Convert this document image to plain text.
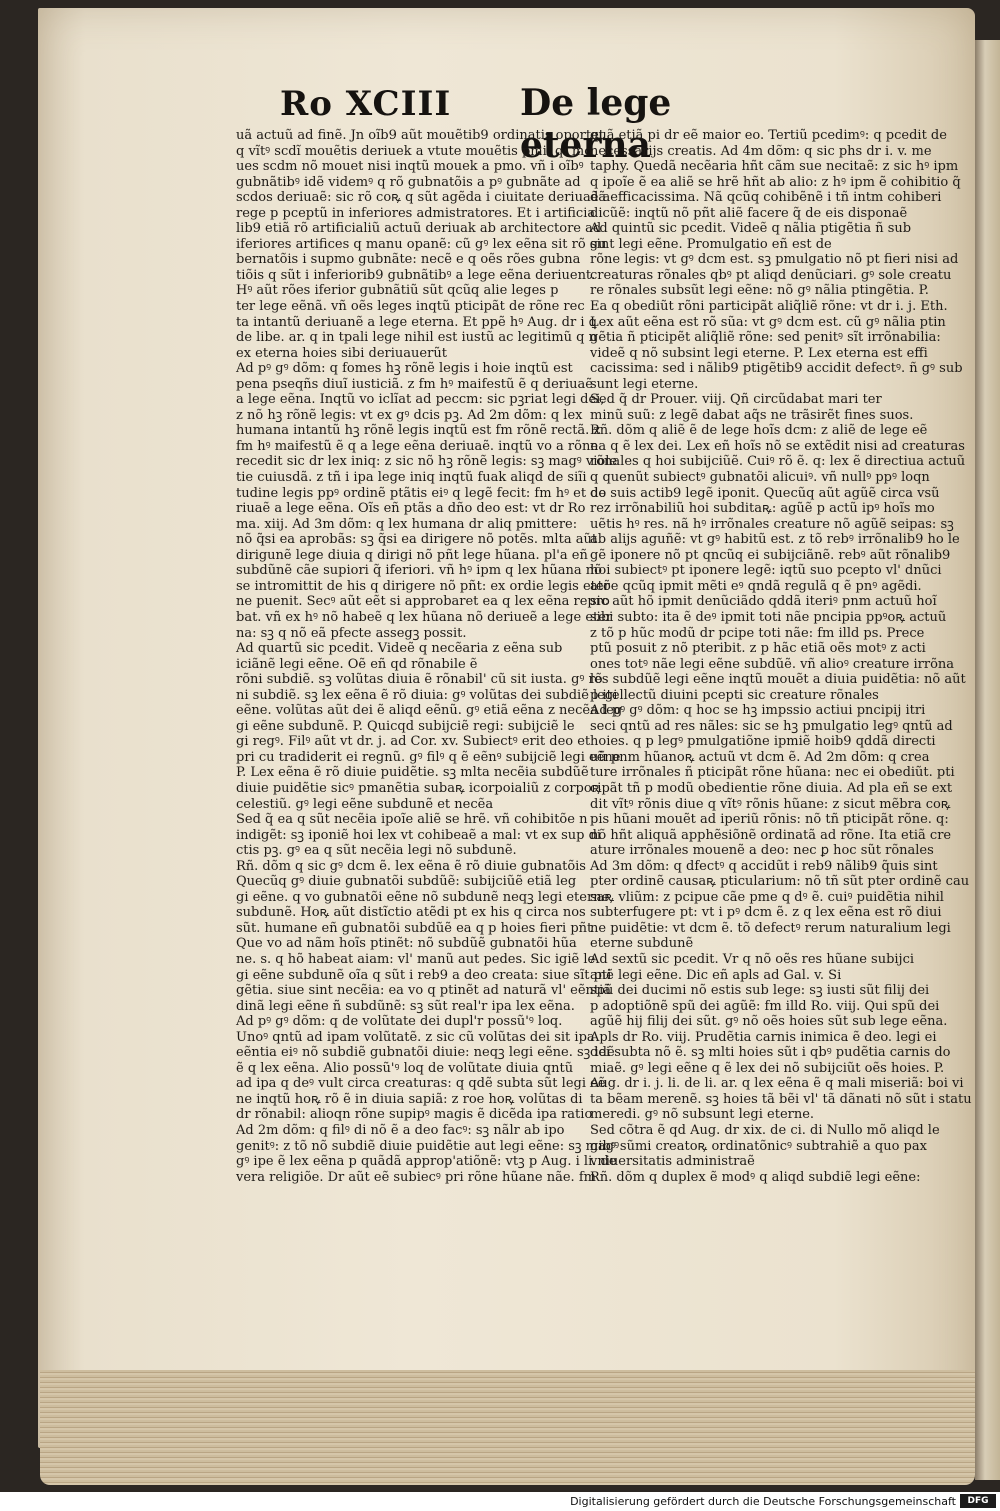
Ro XCIII De lege eterna
uã actuũ ad finẽ. Jn oĩb9 aũt mouẽtib9 ordinatis oportet
q vĩtꝰ scdĩ mouẽtis deriuek a vtute mouẽtis pmi. q: mo
ues scdm nõ mouet nisi inqtũ mouek a pmo. vñ i oĩbꝰ
gubnãtibꝰ idẽ videmꝰ q rõ gubnatõis a pꝰ gubnãte ad
scdos deriuaẽ: sic rõ coꝶ q sũt agẽda i ciuitate deriuaẽ a
rege p pceptũ in inferiores admistratores. Et i artificia
lib9 etiã rõ artificialiũ actuũ deriuak ab architectore ad
iferiores artifices q manu opanẽ: cũ gꝰ lex eẽna sit rõ gu
bernatõis i supmo gubnãte: necẽ e q oẽs rões gubna
tiõis q sũt i inferiorib9 gubnãtibꝰ a lege eẽna deriuent.
Hꝰ aũt rões iferior gubnãtiũ sũt qcũq alie leges p
ter lege eẽnã. vñ oẽs leges inqtũ pticipãt de rõne rec
ta intantũ deriuanẽ a lege eterna. Et ppẽ hꝰ Aug. dr i ꝗ
de libe. ar. q in tpali lege nihil est iustũ ac legitimũ q n
ex eterna hoies sibi deriuauerũt
Ad pꝰ gꝰ dõm: q fomes hꝫ rõnẽ legis i hoie inqtũ est
pena pseqñs diuĩ iusticiã. z fm hꝰ maifestũ ẽ q deriuaẽ
a lege eẽna. Inqtũ vo iclĩat ad peccm: sic pꝫriat legi dei,
z nõ hꝫ rõnẽ legis: vt ex gꝰ dcis pꝫ. Ad 2m dõm: q lex
humana intantũ hꝫ rõnẽ legis inqtũ est fm rõnẽ rectã. z
fm hꝰ maifestũ ẽ q a lege eẽna deriuaẽ. inqtũ vo a rõne
recedit sic dr lex iniq: z sic nõ hꝫ rõnẽ legis: sꝫ magꝰ viole
tie cuiusdã. z tñ i ipa lege iniq inqtũ fuak aliqd de siĩi
tudine legis ppꝰ ordinẽ ptãtis eiꝰ q legẽ fecit: fm hꝰ et de
riuaẽ a lege eẽna. Oĩs eñ ptãs a dño deo est: vt dr Ro
ma. xiij. Ad 3m dõm: q lex humana dr aliq pmittere:
nõ q̃si ea aprobãs: sꝫ q̃si ea dirigere nõ potẽs. mlta aũt
dirigunẽ lege diuia q dirigi nõ pñt lege hũana. pl'a eñ
subdũnẽ cãe supiori q̃ iferiori. vñ hꝰ ipm q lex hũana nõ
se intromittit de his q dirigere nõ pñt: ex ordie legis eter
ne puenit. Secꝰ aũt eẽt si approbaret ea q lex eẽna repro
bat. vñ ex hꝰ nõ habeẽ q lex hũana nõ deriueẽ a lege eter
na: sꝫ q nõ eã pfecte assegꝫ possit.
Ad quartũ sic pcedit. Videẽ q necẽaria z eẽna sub
iciãnẽ legi eẽne. Oẽ eñ qd rõnabile ẽ
rõni subdiẽ. sꝫ volũtas diuia ẽ rõnabil' cũ sit iusta. gꝰ rõ
ni subdiẽ. sꝫ lex eẽna ẽ rõ diuia: gꝰ volũtas dei subdiẽ legi
eẽne. volũtas aũt dei ẽ aliqd eẽnũ. gꝰ etiã eẽna z necẽa leg
gi eẽne subdunẽ. P. Quicqd subijciẽ regi: subijciẽ le
gi regꝰ. Filꝰ aũt vt dr. j. ad Cor. xv. Subiectꝰ erit deo et
pri cu tradiderit ei regnũ. gꝰ filꝰ q ẽ eẽnꝰ subijciẽ legi eẽne
P. Lex eẽna ẽ rõ diuie puidẽtie. sꝫ mlta necẽia subdũẽ
diuie puidẽtie sicꝰ pmanẽtia subaꝶ icorpoialiũ z corpoꝶ
celestiũ. gꝰ legi eẽne subdunẽ et necẽa
Sed q̃ ea q sũt necẽia ipoĩe aliẽ se hrẽ. vñ cohibitõe n
indigẽt: sꝫ iponiẽ hoi lex vt cohibeaẽ a mal: vt ex sup di
ctis pꝫ. gꝰ ea q sũt necẽia legi nõ subdunẽ.
Rñ. dõm q sic gꝰ dcm ẽ. lex eẽna ẽ rõ diuie gubnatõis
Quecũq gꝰ diuie gubnatõi subdũẽ: subijciũẽ etiã leg
gi eẽne. q vo gubnatõi eẽne nõ subdunẽ neqꝫ legi eterne
subdunẽ. Hoꝶ aũt distĩctio atẽdi pt ex his q circa nos
sũt. humane eñ gubnatõi subdũẽ ea q p hoies fieri pñt
Que vo ad nãm hoĩs ptinẽt: nõ subdũẽ gubnatõi hũa
ne. s. q hõ habeat aiam: vl' manũ aut pedes. Sic igiẽ le
gi eẽne subdunẽ oĩa q sũt i reb9 a deo creata: siue sĩt pti
gẽtia. siue sint necẽia: ea vo q ptinẽt ad naturã vl' eẽntiã
dinã legi eẽne ñ subdũnẽ: sꝫ sũt real'r ipa lex eẽna.
Ad pꝰ gꝰ dõm: q de volũtate dei dupl'r possũ'ꝰ loq.
Unoꝰ qntũ ad ipam volũtatẽ. z sic cũ volũtas dei sit ipa
eẽntia eiꝰ nõ subdiẽ gubnatõi diuie: neqꝫ legi eẽne. sꝫ idẽ
ẽ q lex eẽna. Alio possũ'ꝰ loq de volũtate diuia qntũ
ad ipa q deꝰ vult circa creaturas: q qdẽ subta sũt legi eẽ
ne inqtũ hoꝶ rõ ẽ in diuia sapiã: z roe hoꝶ volũtas di
dr rõnabil: alioqn rõne supipꝰ magis ẽ dicẽda ipa ratio
Ad 2m dõm: q filꝰ di nõ ẽ a deo facꝰ: sꝫ nãlr ab ipo
genitꝰ: z tõ nõ subdiẽ diuie puidẽtie aut legi eẽne: sꝫ magꝰ
gꝰ ipe ẽ lex eẽna p quãdã approp'atiõnẽ: vtꝫ p Aug. i li. de
vera religiõe. Dr aũt eẽ subiecꝰ pri rõne hũane nãe. fm
quã etiã pi dr eẽ maior eo. Tertiũ pcedimꝰ: q pcedit de
necessarijs creatis. Ad 4m dõm: q sic phs dr i. v. me
taphy. Quedã necẽaria hñt cãm sue necitaẽ: z sic hꝰ ipm
q ipoĩe ẽ ea aliẽ se hrẽ hñt ab alio: z hꝰ ipm ẽ cohibitio q̃
dã efficacissima. Nã qcũq cohibẽnẽ i tñ intm cohiberi
dicũẽ: inqtũ nõ pñt aliẽ facere q̃ de eis disponaẽ
Ad quintũ sic pcedit. Videẽ q nãlia ptigẽtia ñ sub
sint legi eẽne. Promulgatio eñ est de
rõne legis: vt gꝰ dcm est. sꝫ pmulgatio nõ pt fieri nisi ad
creaturas rõnales qbꝰ pt aliqd denũciari. gꝰ sole creatu
re rõnales subsũt legi eẽne: nõ gꝰ nãlia ptingẽtia. P.
Ea q obediũt rõni participãt aliq̃liẽ rõne: vt dr i. j. Eth.
Lex aũt eẽna est rõ sũa: vt gꝰ dcm est. cũ gꝰ nãlia ptin
gẽtia ñ pticipẽt aliq̃liẽ rõne: sed penitꝰ sĩt irrõnabilia:
videẽ q nõ subsint legi eterne. P. Lex eterna est effi
cacissima: sed i nãlib9 ptigẽtib9 accidit defectꝰ. ñ gꝰ sub
sunt legi eterne.
Sed q̃ dr Prouer. viij. Qñ circũdabat mari ter
minũ suũ: z legẽ dabat aq̃s ne trãsirẽt fines suos.
Rñ. dõm q aliẽ ẽ de lege hoĩs dcm: z aliẽ de lege eẽ
na q ẽ lex dei. Lex eñ hoĩs nõ se extẽdit nisi ad creaturas
rõnales q hoi subijciũẽ. Cuiꝰ rõ ẽ. q: lex ẽ directiua actuũ
q quenũt subiectꝰ gubnatõi alicuiꝰ. vñ nullꝰ ppꝰ loqn
do suis actib9 legẽ iponit. Quecũq aũt agũẽ circa vsũ
rez irrõnabiliũ hoi subditaꝶ: agũẽ p actũ ipꝰ hoĩs mo
uẽtis hꝰ res. nã hꝰ irrõnales creature nõ agũẽ seipas: sꝫ
ab alijs aguñẽ: vt gꝰ habitũ est. z tõ rebꝰ irrõnalib9 ho le
gẽ iponere nõ pt qncũq ei subijciãnẽ. rebꝰ aũt rõnalib9
hoi subiectꝰ pt iponere legẽ: iqtũ suo pcepto vl' dnũci
atõe qcũq ipmit mẽti eꝰ qndã regulã q ẽ pnꝰ agẽdi.
sic aũt hõ ipmit denũciãdo qddã iteriꝰ pnm actuũ hoĩ
sibi subto: ita ẽ deꝰ ipmit toti nãe pncipia ppꝰoꝶ actuũ
z tõ p hũc modũ dr pcipe toti nãe: fm illd ps. Prece
ptũ posuit z nõ pteribit. z p hãc etiã oẽs motꝰ z acti
ones totꝰ nãe legi eẽne subdũẽ. vñ alioꝰ creature irrõna
les subdũẽ legi eẽne inqtũ mouẽt a diuia puidẽtia: nõ aũt
p itellectũ diuini pcepti sic creature rõnales
Ad pꝰ gꝰ dõm: q hoc se hꝫ impssio actiui pncipij itri
seci qntũ ad res nãles: sic se hꝫ pmulgatio legꝰ qntũ ad
hoies. q p legꝰ pmulgatiõne ipmiẽ hoib9 qddã directi
uũ pnm hũanoꝶ actuũ vt dcm ẽ. Ad 2m dõm: q crea
ture irrõnales ñ pticipãt rõne hũana: nec ei obediũt. pti
cipãt tñ p modũ obedientie rõne diuia. Ad pla eñ se ext
dit vĩtꝰ rõnis diue q vĩtꝰ rõnis hũane: z sicut mẽbra coꝶ
pis hũani mouẽt ad iperiũ rõnis: nõ tñ pticipãt rõne. q:
nõ hñt aliquã apphẽsiõnẽ ordinatã ad rõne. Ita etiã cre
ature irrõnales mouenẽ a deo: nec ꝑ hoc sũt rõnales
Ad 3m dõm: q dfectꝰ q accidũt i reb9 nãlib9 q̃uis sint
pter ordinẽ causaꝶ pticularium: nõ tñ sũt pter ordinẽ cau
saꝶ vliũm: z pcipue cãe pme q dꝰ ẽ. cuiꝰ puidẽtia nihil
subterfugere pt: vt i pꝰ dcm ẽ. z q lex eẽna est rõ diui
ne puidẽtie: vt dcm ẽ. tõ defectꝰ rerum naturalium legi
eterne subdunẽ
Ad sextũ sic pcedit. Vr q nõ oẽs res hũane subijci
anẽ legi eẽne. Dic eñ apls ad Gal. v. Si
spũ dei ducimi nõ estis sub lege: sꝫ iusti sũt filij dei
p adoptiõnẽ spũ dei agũẽ: fm illd Ro. viij. Qui spũ dei
agũẽ hij filij dei sũt. gꝰ nõ oẽs hoies sũt sub lege eẽna.
Apls dr Ro. viij. Prudẽtia carnis inimica ẽ deo. legi ei
dei subta nõ ẽ. sꝫ mlti hoies sũt i qbꝰ pudẽtia carnis do
miaẽ. gꝰ legi eẽne q ẽ lex dei nõ subijciũt oẽs hoies. P.
Aug. dr i. j. li. de li. ar. q lex eẽna ẽ q mali miseriã: boi vi
ta bẽam merenẽ. sꝫ hoies tã bẽi vl' tã dãnati nõ sũt i statu
meredi. gꝰ nõ subsunt legi eterne.
Sed cõtra ẽ qd Aug. dr xix. de ci. di Nullo mõ aliqd le
gibꝰ sũmi creatoꝶ ordinatõnicꝰ subtrahiẽ a quo pax
vniuersitatis administraẽ
Rñ. dõm q duplex ẽ modꝰ q aliqd subdiẽ legi eẽne:
Digitalisierung gefördert durch die Deutsche Forschungsgemeinschaft	DFG
